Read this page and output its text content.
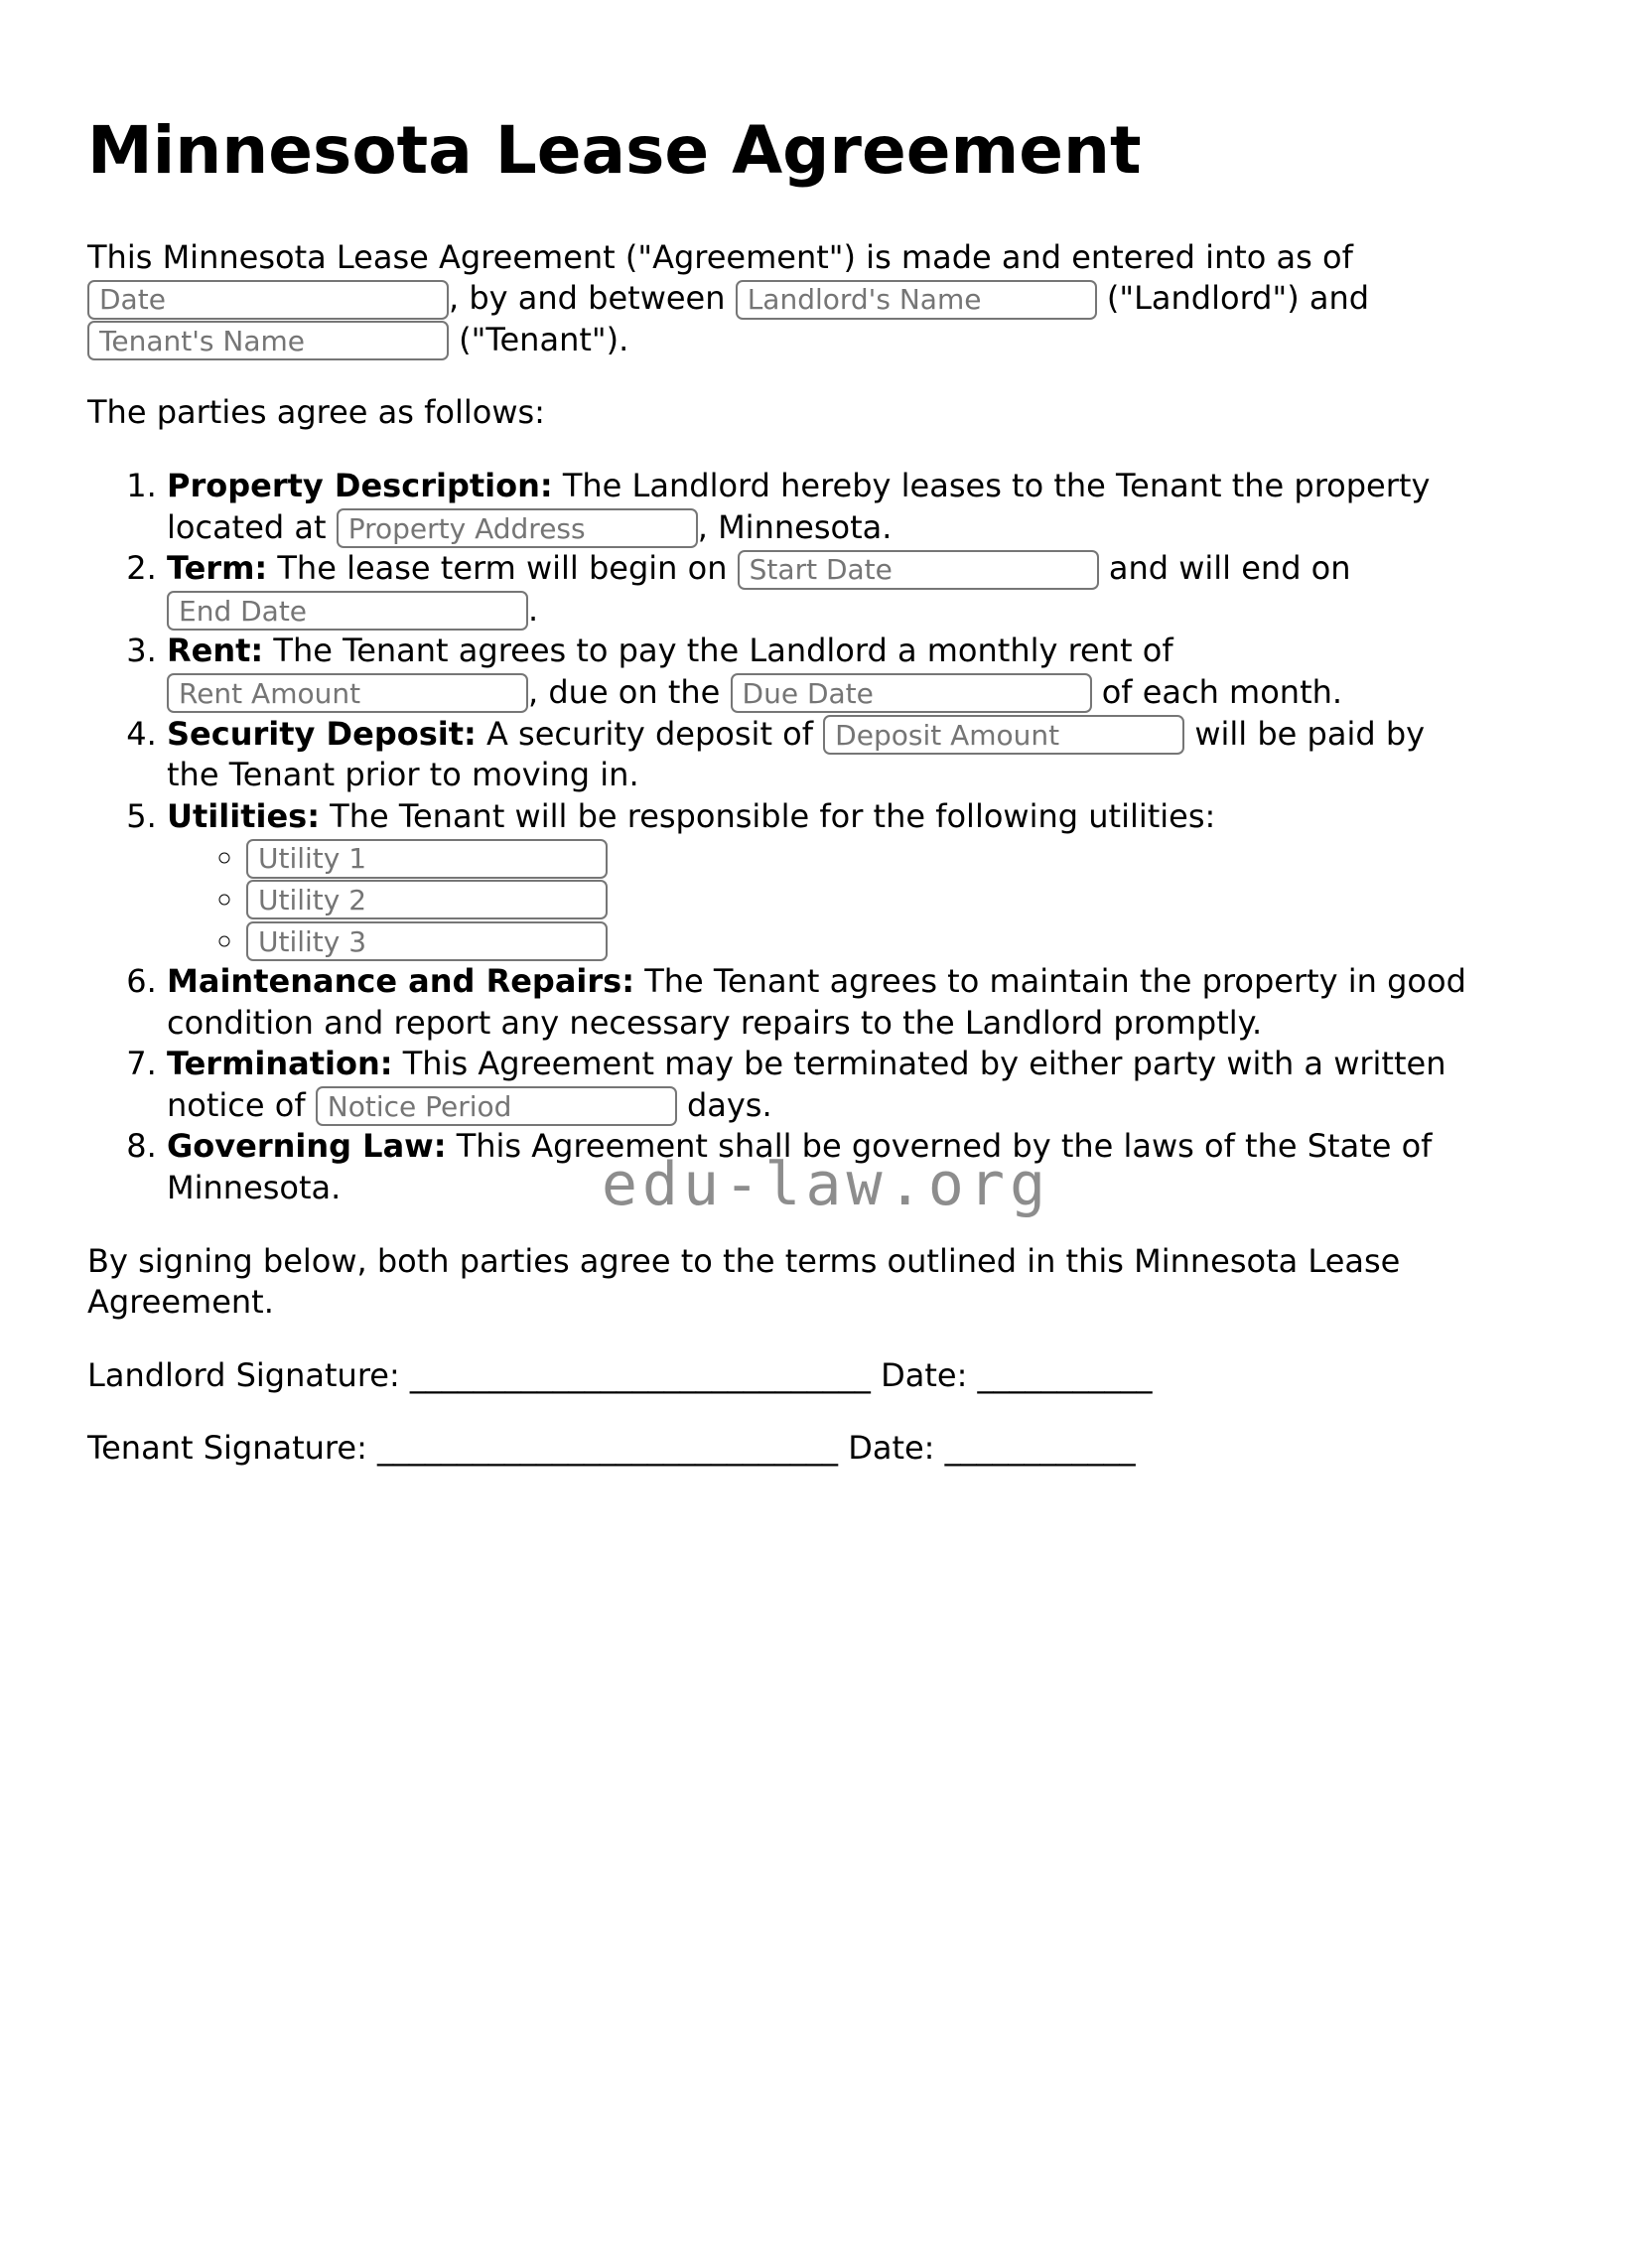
edu-law.org
Minnesota Lease Agreement

This Minnesota Lease Agreement ("Agreement") is made and entered into as of Date, by and between Landlord's Name	("Landlord") and Tenant's Name ("Tenant").

The parties agree as follows:

1. Property Description: The Landlord hereby leases to the Tenant the property located at Property Address	, Minnesota.
2. Term: The lease term will begin on Start Date	and will end on End Date.
3. Rent: The Tenant agrees to pay the Landlord a monthly rent of Rent Amount, due on the Due Date	of each month.
4. Security Deposit: A security deposit of Deposit Amount	will be paid by the Tenant prior to moving in.
5. Utilities: The Tenant will be responsible for the following utilities:
◦ Utility 1
◦ Utility 2
◦ Utility 3
6. Maintenance and Repairs: The Tenant agrees to maintain the property in good condition and report any necessary repairs to the Landlord promptly.
7. Termination: This Agreement may be terminated by either party with a written notice of Notice Period	days.
8. Governing Law: This Agreement shall be governed by the laws of the State of Minnesota.

By signing below, both parties agree to the terms outlined in this Minnesota Lease Agreement.

Landlord Signature: _____________________________ Date: ___________

Tenant Signature: _____________________________ Date: ____________
